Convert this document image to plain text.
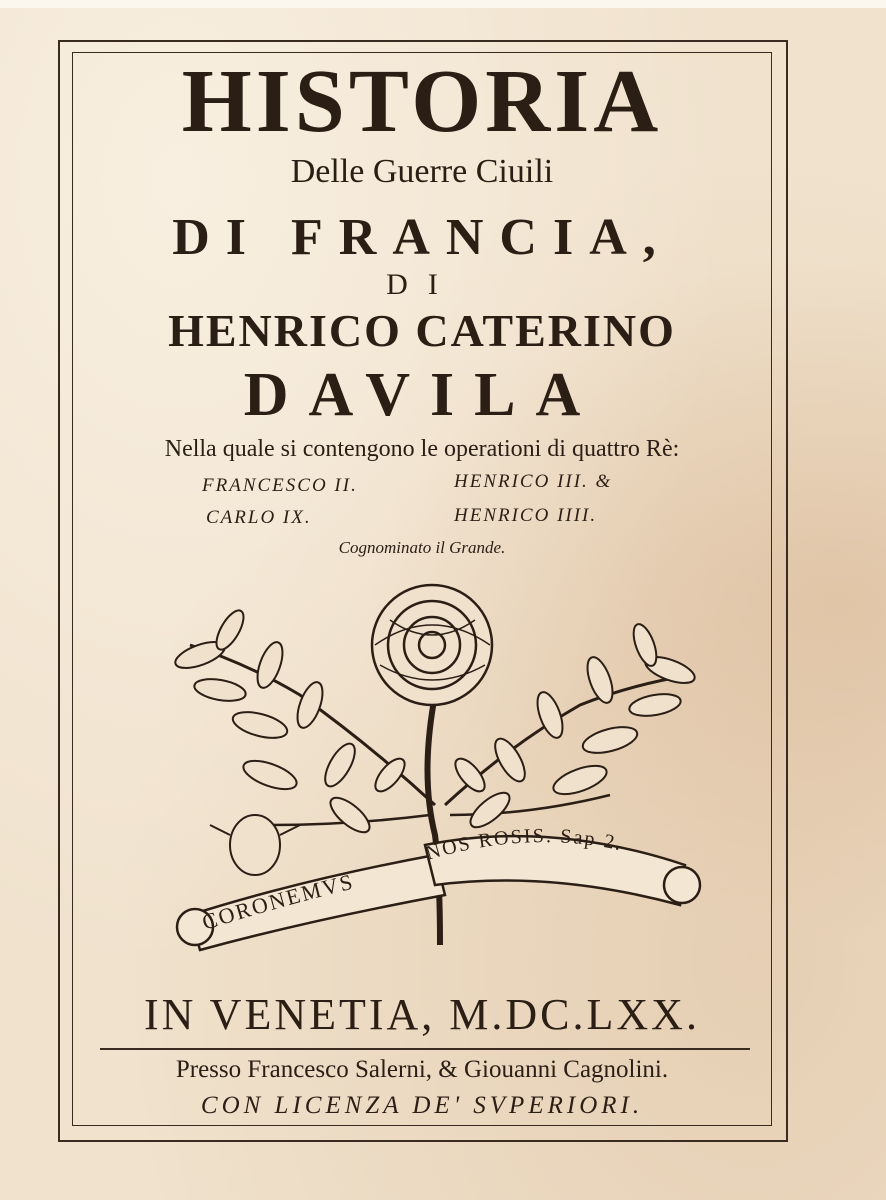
HISTORIA
Delle Guerre Ciuili
DI FRANCIA,
DI
HENRICO CATERINO
DAVILA
Nella quale si contengono le operationi di quattro Rè:
FRANCESCO II.	HENRICO III. &
CARLO IX.	HENRICO IIII.
Cognominato il Grande.
CORONEMVS
NOS ROSIS. Sap 2.
IN VENETIA, M.DC.LXX.
Presso Francesco Salerni, & Giouanni Cagnolini.
CON LICENZA DE' SVPERIORI.
